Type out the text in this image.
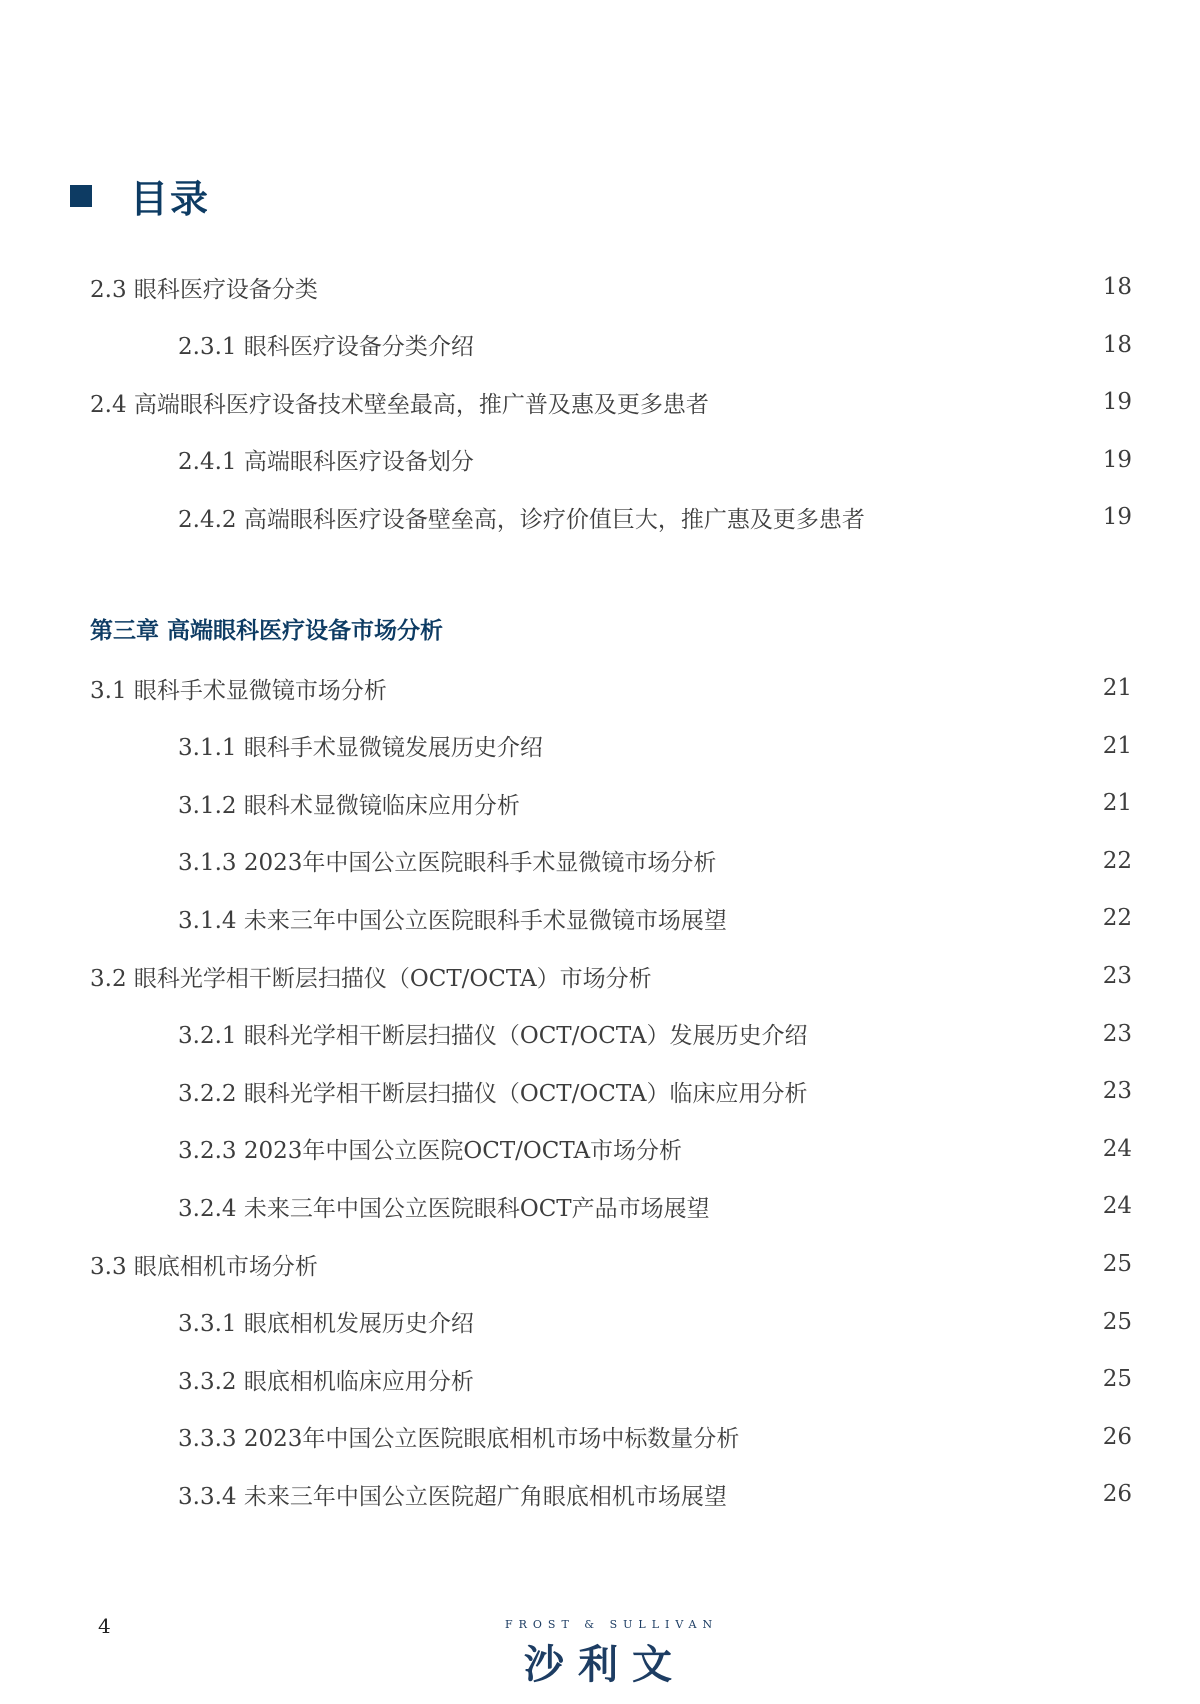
目录
2.3 眼科医疗设备分类	18
2.3.1 眼科医疗设备分类介绍	18
2.4 高端眼科医疗设备技术壁垒最高，推广普及惠及更多患者	19
2.4.1 高端眼科医疗设备划分	19
2.4.2 高端眼科医疗设备壁垒高，诊疗价值巨大，推广惠及更多患者	19
第三章 高端眼科医疗设备市场分析
3.1 眼科手术显微镜市场分析	21
3.1.1 眼科手术显微镜发展历史介绍	21
3.1.2 眼科术显微镜临床应用分析	21
3.1.3 2023年中国公立医院眼科手术显微镜市场分析	22
3.1.4 未来三年中国公立医院眼科手术显微镜市场展望	22
3.2 眼科光学相干断层扫描仪（OCT/OCTA）市场分析	23
3.2.1 眼科光学相干断层扫描仪（OCT/OCTA）发展历史介绍	23
3.2.2 眼科光学相干断层扫描仪（OCT/OCTA）临床应用分析	23
3.2.3 2023年中国公立医院OCT/OCTA市场分析	24
3.2.4 未来三年中国公立医院眼科OCT产品市场展望	24
3.3 眼底相机市场分析	25
3.3.1 眼底相机发展历史介绍	25
3.3.2 眼底相机临床应用分析	25
3.3.3 2023年中国公立医院眼底相机市场中标数量分析	26
3.3.4 未来三年中国公立医院超广角眼底相机市场展望	26
4	FROST & SULLIVAN
沙利文
